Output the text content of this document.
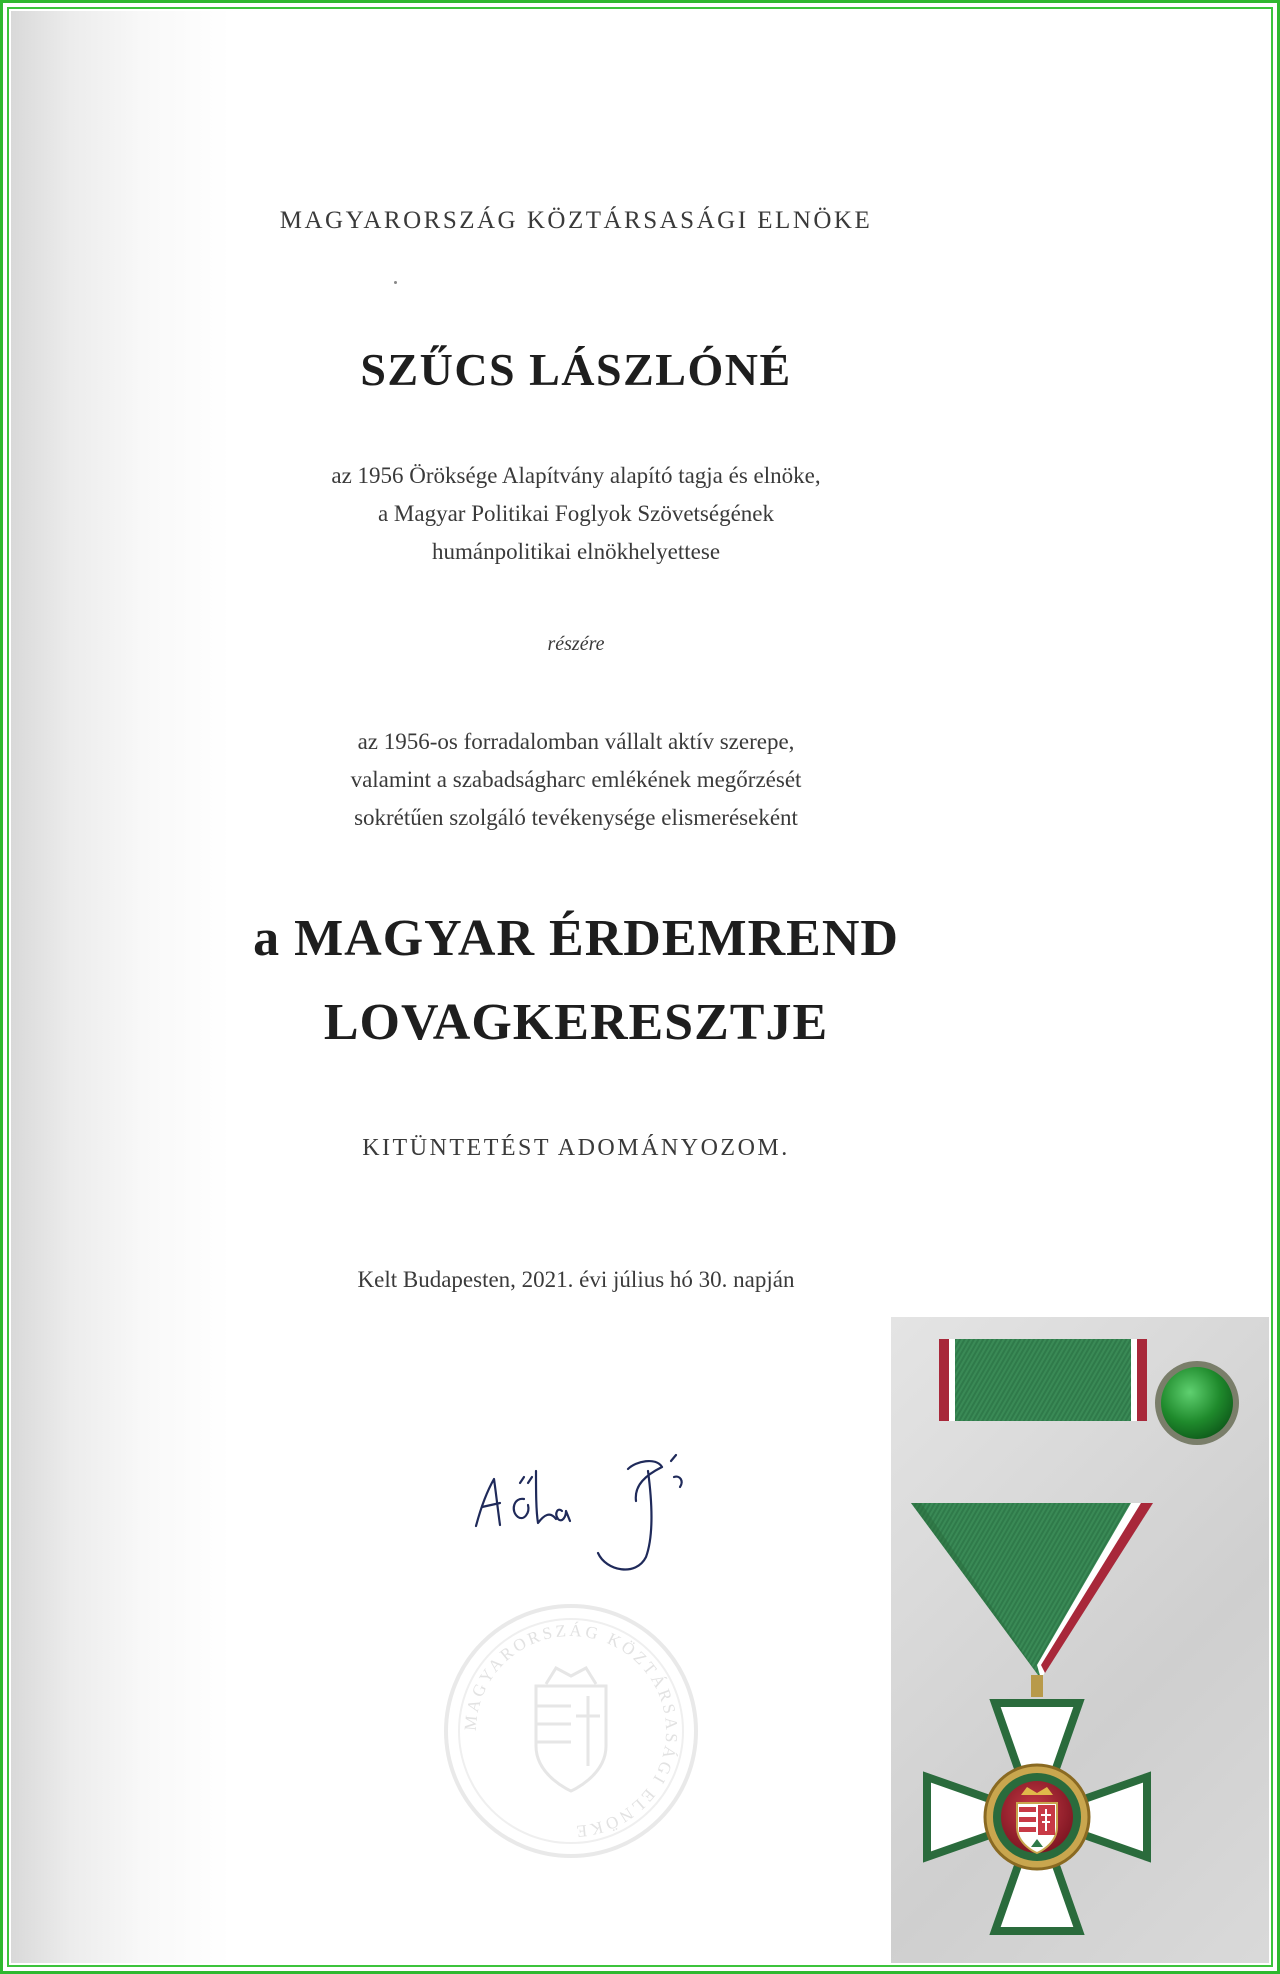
MAGYARORSZÁG KÖZTÁRSASÁGI ELNÖKE
SZŰCS LÁSZLÓNÉ
az 1956 Öröksége Alapítvány alapító tagja és elnöke,
a Magyar Politikai Foglyok Szövetségének
humánpolitikai elnökhelyettese
részére
az 1956-os forradalomban vállalt aktív szerepe,
valamint a szabadságharc emlékének megőrzését
sokrétűen szolgáló tevékenysége elismeréseként
a MAGYAR ÉRDEMREND
LOVAGKERESZTJE
KITÜNTETÉST ADOMÁNYOZOM.
Kelt Budapesten, 2021. évi július hó 30. napján
MAGYARORSZÁG KÖZTÁRSASÁGI ELNÖKE
